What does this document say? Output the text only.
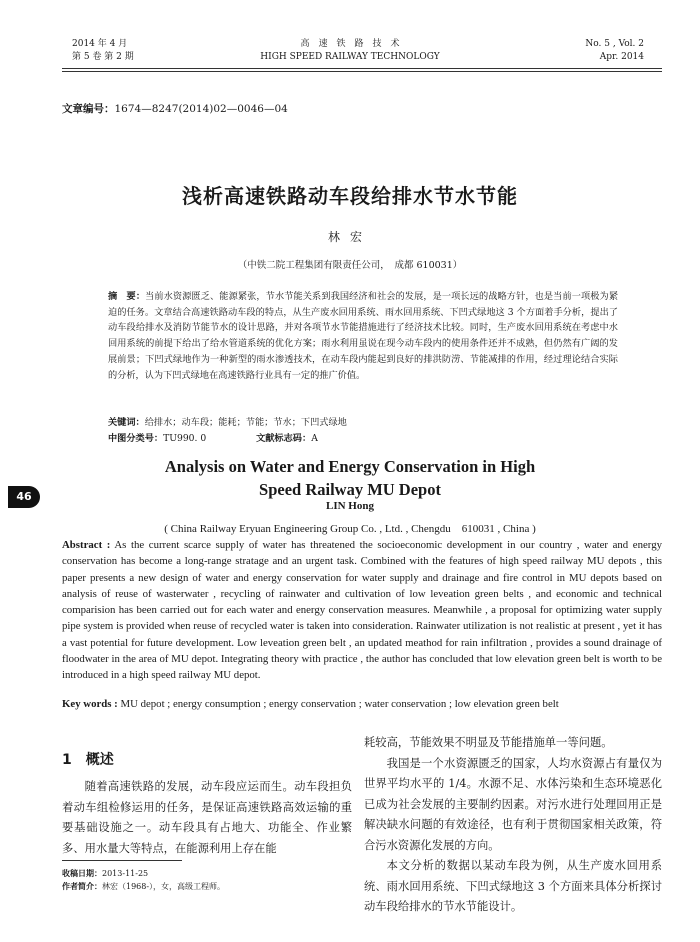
2014 年 4 月
第 5 卷 第 2 期
高　速　铁　路　技　术
HIGH SPEED RAILWAY TECHNOLOGY
No. 5 , Vol. 2
Apr. 2014
文章编号：1674—8247(2014)02—0046—04
浅析高速铁路动车段给排水节水节能
林宏
（中铁二院工程集团有限责任公司，　成都 610031）
摘　要：当前水资源匮乏、能源紧张，节水节能关系到我国经济和社会的发展，是一项长远的战略方针，也是当前一项极为紧迫的任务。文章结合高速铁路动车段的特点，从生产废水回用系统、雨水回用系统、下凹式绿地这 3 个方面着手分析，提出了动车段给排水及消防节能节水的设计思路，并对各项节水节能措施进行了经济技术比较。同时，生产废水回用系统在考虑中水回用系统的前提下给出了给水管道系统的优化方案；雨水利用虽说在现今动车段内的使用条件还并不成熟，但仍然有广阔的发展前景；下凹式绿地作为一种新型的雨水渗透技术，在动车段内能起到良好的排洪防涝、节能减排的作用，经过理论结合实际的分析，认为下凹式绿地在高速铁路行业具有一定的推广价值。
关键词：给排水；动车段；能耗；节能；节水；下凹式绿地
中图分类号：TU990. 0	文献标志码：A
46
Analysis on Water and Energy Conservation in High
Speed Railway MU Depot
LIN Hong
( China Railway Eryuan Engineering Group Co. , Ltd. , Chengdu　610031 , China )
Abstract : As the current scarce supply of water has threatened the socioeconomic development in our country , water and energy conservation has become a long-range stratage and an urgent task. Combined with the features of high speed railway MU depots , this paper presents a new design of water and energy conservation for water supply and drainage and fire control in MU depots based on analysis of reuse of wasterwater , recycling of rainwater and cultivation of low leveation green belts , and economic and technical comparision has been carried out for each water and energy conservation measures. Meanwhile , a proposal for optimizing water supply pipe system is provided when reuse of recycled water is taken into consideration. Rainwater utilization is not realistic at present , yet it has a vast potential for future development. Low leveation green belt , an updated meathod for rain infiltration , provides a sound drainage of floodwater in the area of MU depot. Integrating theory with practice , the author has concluded that low elevation green belt is worth to be introduced in a high speed railway MU depot.
Key words : MU depot ; energy consumption ; energy conservation ; water conservation ; low elevation green belt
1 概述

随着高速铁路的发展，动车段应运而生。动车段担负着动车组检修运用的任务，是保证高速铁路高效运输的重要基础设施之一。动车段具有占地大、功能全、作业繁多、用水量大等特点，在能源利用上存在能

耗较高，节能效果不明显及节能措施单一等问题。

我国是一个水资源匮乏的国家，人均水资源占有量仅为世界平均水平的 1/4。水源不足、水体污染和生态环境恶化已成为社会发展的主要制约因素。对污水进行处理回用正是解决缺水问题的有效途径，也有利于贯彻国家相关政策，符合污水资源化发展的方向。

本文分析的数据以某动车段为例，从生产废水回用系统、雨水回用系统、下凹式绿地这 3 个方面来具体分析探讨动车段给排水的节水节能设计。

收稿日期：2013-11-25
作者简介：林宏（1968-），女，高级工程师。
